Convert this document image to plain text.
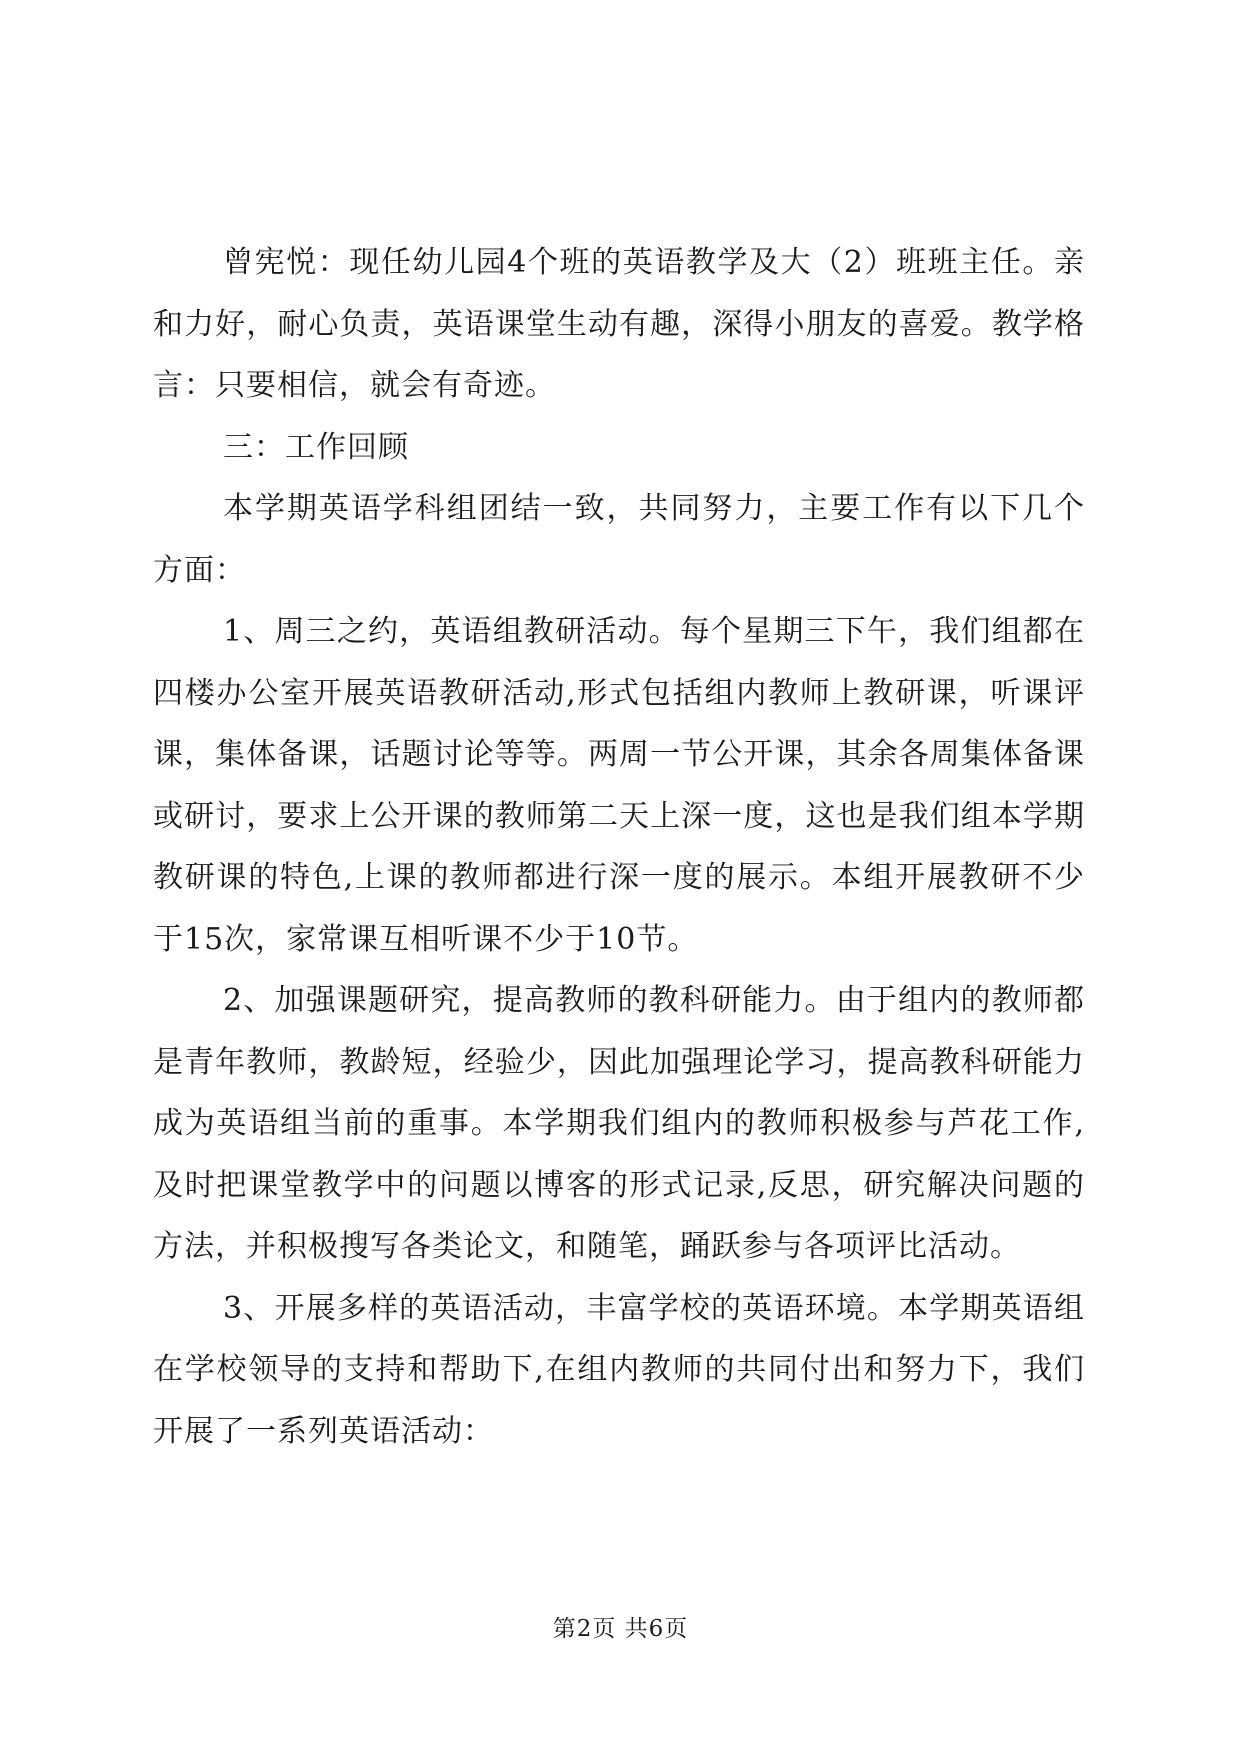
曾宪悦：现任幼儿园4个班的英语教学及大（2）班班主任。亲和力好，耐心负责，英语课堂生动有趣，深得小朋友的喜爱。教学格言：只要相信，就会有奇迹。

三：工作回顾

本学期英语学科组团结一致，共同努力，主要工作有以下几个方面：

1、周三之约，英语组教研活动。每个星期三下午，我们组都在四楼办公室开展英语教研活动,形式包括组内教师上教研课，听课评课，集体备课，话题讨论等等。两周一节公开课，其余各周集体备课或研讨，要求上公开课的教师第二天上深一度，这也是我们组本学期教研课的特色,上课的教师都进行深一度的展示。本组开展教研不少于15次，家常课互相听课不少于10节。

2、加强课题研究，提高教师的教科研能力。由于组内的教师都是青年教师，教龄短，经验少，因此加强理论学习，提高教科研能力成为英语组当前的重事。本学期我们组内的教师积极参与芦花工作,及时把课堂教学中的问题以博客的形式记录,反思，研究解决问题的方法，并积极搜写各类论文，和随笔，踊跃参与各项评比活动。

3、开展多样的英语活动，丰富学校的英语环境。本学期英语组在学校领导的支持和帮助下,在组内教师的共同付出和努力下，我们开展了一系列英语活动：

第2页 共6页
